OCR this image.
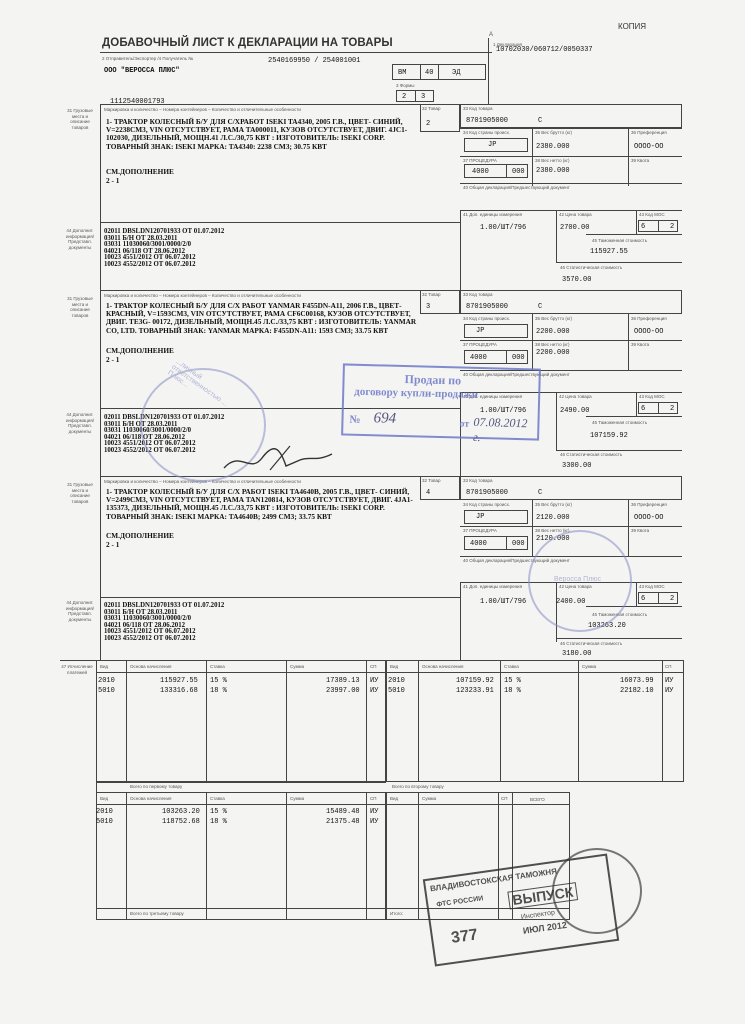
КОПИЯ
ДОБАВОЧНЫЙ ЛИСТ К ДЕКЛАРАЦИИ НА ТОВАРЫ
A
1 Декларация
10702030/060712/0050337
2 Отправитель/Экспортер /4 Получатель №	2540169950 / 254001001
ООО "ВЕРОССА ПЛЮС"
1112540001793
ВМ	40	ЭД
3 Формы
2 3
31 Грузовые места и описание товаров
Маркировка и количество – Номера контейнеров – Количество и отличительные особенности
1- ТРАКТОР КОЛЕСНЫЙ Б/У ДЛЯ С/ХРАБОТ ISEKI TA4340, 2005 Г.В., ЦВЕТ- СИНИЙ, V=2238СМ3, VIN ОТСУТСТВУЕТ, РАМА TA000011, КУЗОВ ОТСУТСТВУЕТ, ДВИГ. 4JC1- 102030, ДИЗЕЛЬНЫЙ, МОЩН.41 Л.С./30,75 КВТ : ИЗГОТОВИТЕЛЬ: ISEKI CORP. ТОВАРНЫЙ ЗНАК: ISEKI МАРКА: TA4340: 2238 СМ3; 30.75 КВТ
СМ.ДОПОЛНЕНИЕ
2 - 1
32 Товар
2
33 Код товара
8701905000	C
34 Код страны происх.
JP
35 Вес брутто (кг)
2380.000
36 Преференция
OOOO-OO
37 ПРОЦЕДУРА
4000	000
38 Вес нетто (кг)
2380.000
39 Квота
40 Общая декларация/Предшествующий документ
41 Доп. единицы измерения
1.00/ШТ/796
42 Цена товара
2700.00
43 Код МОС
6	2
45 Таможенная стоимость
115927.55
46 Статистическая стоимость
3570.00
44 Дополнит. информация/ Представл. документы
02011 DBSLDN120701933 ОТ 01.07.2012
03011 Б/Н ОТ 28.03.2011
03031 11030060/3001/0000/2/0
04021 06/118 ОТ 28.06.2012
10023 4551/2012 ОТ 06.07.2012
10023 4552/2012 ОТ 06.07.2012
31 Грузовые места и описание товаров
Маркировка и количество – Номера контейнеров – Количество и отличительные особенности
1- ТРАКТОР КОЛЕСНЫЙ Б/У ДЛЯ С/Х РАБОТ YANMAR F455DN-A11, 2006 Г.В., ЦВЕТ- КРАСНЫЙ, V=1593СМ3, VIN ОТСУТСТВУЕТ, РАМА CF6C00168, КУЗОВ ОТСУТСТВУЕТ, ДВИГ. TE3G- 00172, ДИЗЕЛЬНЫЙ, МОЩН.45 Л.С./33,75 КВТ : ИЗГОТОВИТЕЛЬ: YANMAR CO, LTD. ТОВАРНЫЙ ЗНАК: YANMAR МАРКА: F455DN-A11: 1593 СМ3; 33.75 КВТ
СМ.ДОПОЛНЕНИЕ
2 - 1
32 Товар
3
33 Код товара
8701905000	C
34 Код страны происх.
JP
35 Вес брутто (кг)
2200.000
36 Преференция
OOOO-OO
37 ПРОЦЕДУРА
4000	000
38 Вес нетто (кг)
2200.000
39 Квота
40 Общая декларация/Предшествующий документ
41 Доп. единицы измерения
1.00/ШТ/796
42 Цена товара
2490.00
43 Код МОС
6	2
45 Таможенная стоимость
107159.92
46 Статистическая стоимость
3300.00
44 Дополнит. информация/ Представл. документы
02011 DBSLDN120701933 ОТ 01.07.2012
03011 Б/Н ОТ 28.03.2011
03031 11030060/3001/0000/2/0
04021 06/118 ОТ 28.06.2012
10023 4551/2012 ОТ 06.07.2012
10023 4552/2012 ОТ 06.07.2012
31 Грузовые места и описание товаров
Маркировка и количество – Номера контейнеров – Количество и отличительные особенности
1- ТРАКТОР КОЛЕСНЫЙ Б/У ДЛЯ С/Х РАБОТ ISEKI TA4640B, 2005 Г.В., ЦВЕТ- СИНИЙ, V=2499СМ3, VIN ОТСУТСТВУЕТ, РАМА TAN120814, КУЗОВ ОТСУТСТВУЕТ, ДВИГ. 4JA1- 135373, ДИЗЕЛЬНЫЙ, МОЩН.45 Л.С./33,75 КВТ : ИЗГОТОВИТЕЛЬ: ISEKI CORP. ТОВАРНЫЙ ЗНАК: ISEKI МАРКА: TA4640B; 2499 СМ3; 33.75 КВТ
СМ.ДОПОЛНЕНИЕ
2 - 1
32 Товар
4
33 Код товара
8701905000	C
34 Код страны происх.
JP
35 Вес брутто (кг)
2120.000
36 Преференция
OOOO-OO
37 ПРОЦЕДУРА
4000	000
38 Вес нетто (кг)
2120.000
39 Квота
40 Общая декларация/Предшествующий документ
41 Доп. единицы измерения
1.00/ШТ/796
42 Цена товара
2400.00
43 Код МОС
6	2
45 Таможенная стоимость
103263.20
46 Статистическая стоимость
3180.00
44 Дополнит. информация/ Представл. документы
02011 DBSLDN120701933 ОТ 01.07.2012
03011 Б/Н ОТ 28.03.2011
03031 11030060/3001/0000/2/0
04021 06/118 ОТ 28.06.2012
10023 4551/2012 ОТ 06.07.2012
10023 4552/2012 ОТ 06.07.2012
47 Исчисление платежей
Вид	Основа начисления	Ставка	Сумма	СП
2010	115927.55 15 %	17389.13 ИУ
5010	133316.68 18 %	23997.00 ИУ
Всего по первому товару
Вид	Основа начисления	Ставка	Сумма	СП
2010	107159.92 15 %	16073.99 ИУ
5010	123233.91 18 %	22182.10 ИУ
Всего по второму товару
Вид	Основа начисления	Ставка	Сумма	СП
2010	103263.20 15 %	15489.48 ИУ
5010	118752.68 18 %	21375.48 ИУ
Всего по третьему товару
Вид	Сумма	СП	ВСЕГО
Итого:
...личный ответственностью ... Плюс...	Продан по
договору купли-продажи
№ 694	от 07.08.2012 г.
Веросса Плюс
ВЛАДИВОСТОКСКАЯ ТАМОЖНЯ
ФТС РОССИИ
377
ВЫПУСК
Инспектор
ИЮЛ 2012
